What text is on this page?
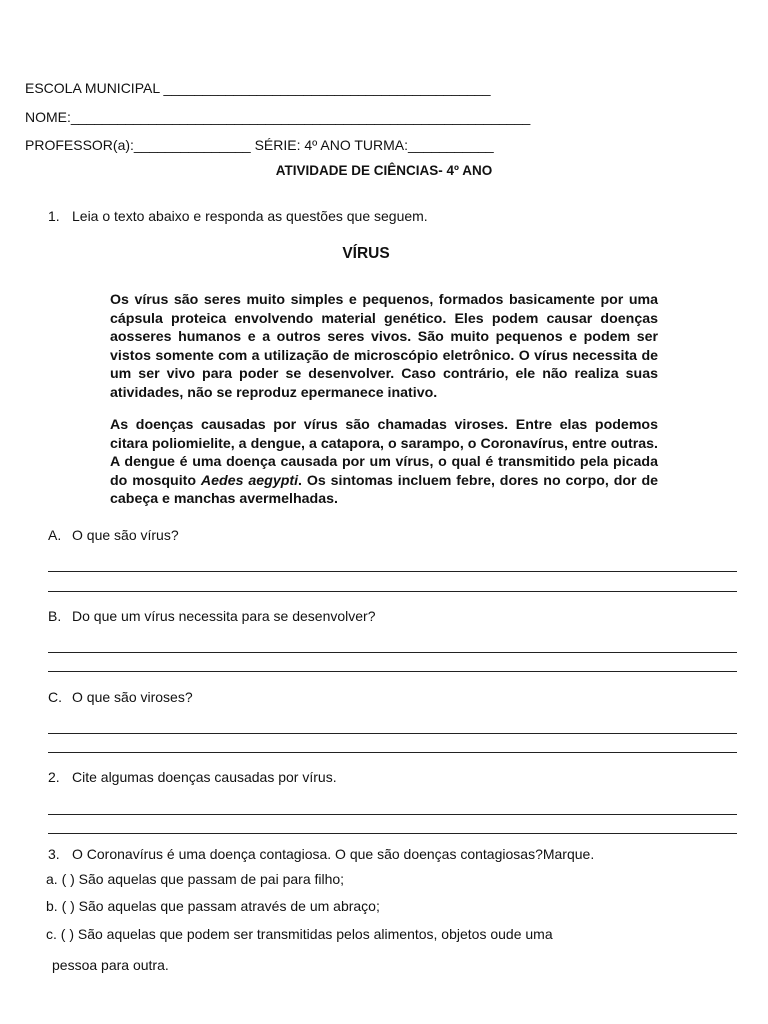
ESCOLA MUNICIPAL __________________________________________
NOME:___________________________________________________________
PROFESSOR(a):_______________ SÉRIE: 4º ANO TURMA:___________
ATIVIDADE DE CIÊNCIAS- 4º ANO
1. Leia o texto abaixo e responda as questões que seguem.
VÍRUS
Os vírus são seres muito simples e pequenos, formados basicamente por uma cápsula proteica envolvendo material genético. Eles podem causar doenças aosseres humanos e a outros seres vivos. São muito pequenos e podem ser vistos somente com a utilização de microscópio eletrônico. O vírus necessita de um ser vivo para poder se desenvolver. Caso contrário, ele não realiza suas atividades, não se reproduz epermanece inativo.
As doenças causadas por vírus são chamadas viroses. Entre elas podemos citara poliomielite, a dengue, a catapora, o sarampo, o Coronavírus, entre outras. A dengue é uma doença causada por um vírus, o qual é transmitido pela picada do mosquito Aedes aegypti. Os sintomas incluem febre, dores no corpo, dor de cabeça e manchas avermelhadas.
A. O que são vírus?
B. Do que um vírus necessita para se desenvolver?
C. O que são viroses?
2. Cite algumas doenças causadas por vírus.
3. O Coronavírus é uma doença contagiosa. O que são doenças contagiosas?Marque.
a. ( ) São aquelas que passam de pai para filho;
b. ( ) São aquelas que passam através de um abraço;
c. ( ) São aquelas que podem ser transmitidas pelos alimentos, objetos oude uma
pessoa para outra.
